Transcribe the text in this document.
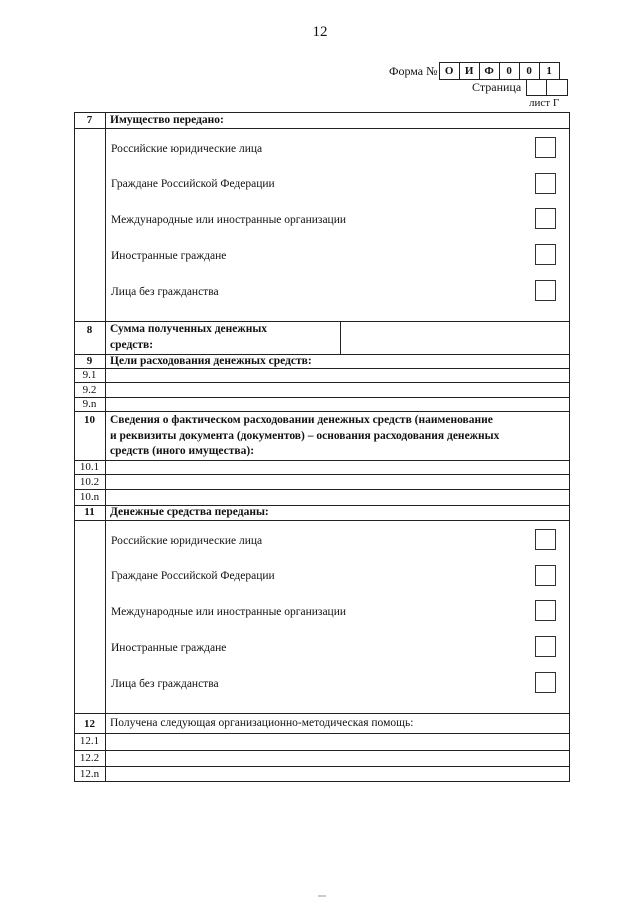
12
Форма № О	И Ф	0	0	1
Страница
лист Г
7	Имущество передано:
Российские юридические лица
Граждане Российской Федерации
Международные или иностранные организации
Иностранные граждане
Лица без гражданства
8	Сумма полученных денежных
средств:
9	Цели расходования денежных средств:
9.1
9.2
9.n
10	Сведения о фактическом расходовании денежных средств (наименование
и реквизиты документа (документов) – основания расходования денежных
средств (иного имущества):
10.1
10.2
10.n
11	Денежные средства переданы:
Российские юридические лица
Граждане Российской Федерации
Международные или иностранные организации
Иностранные граждане
Лица без гражданства
12	Получена следующая организационно-методическая помощь:
12.1
12.2
12.n
